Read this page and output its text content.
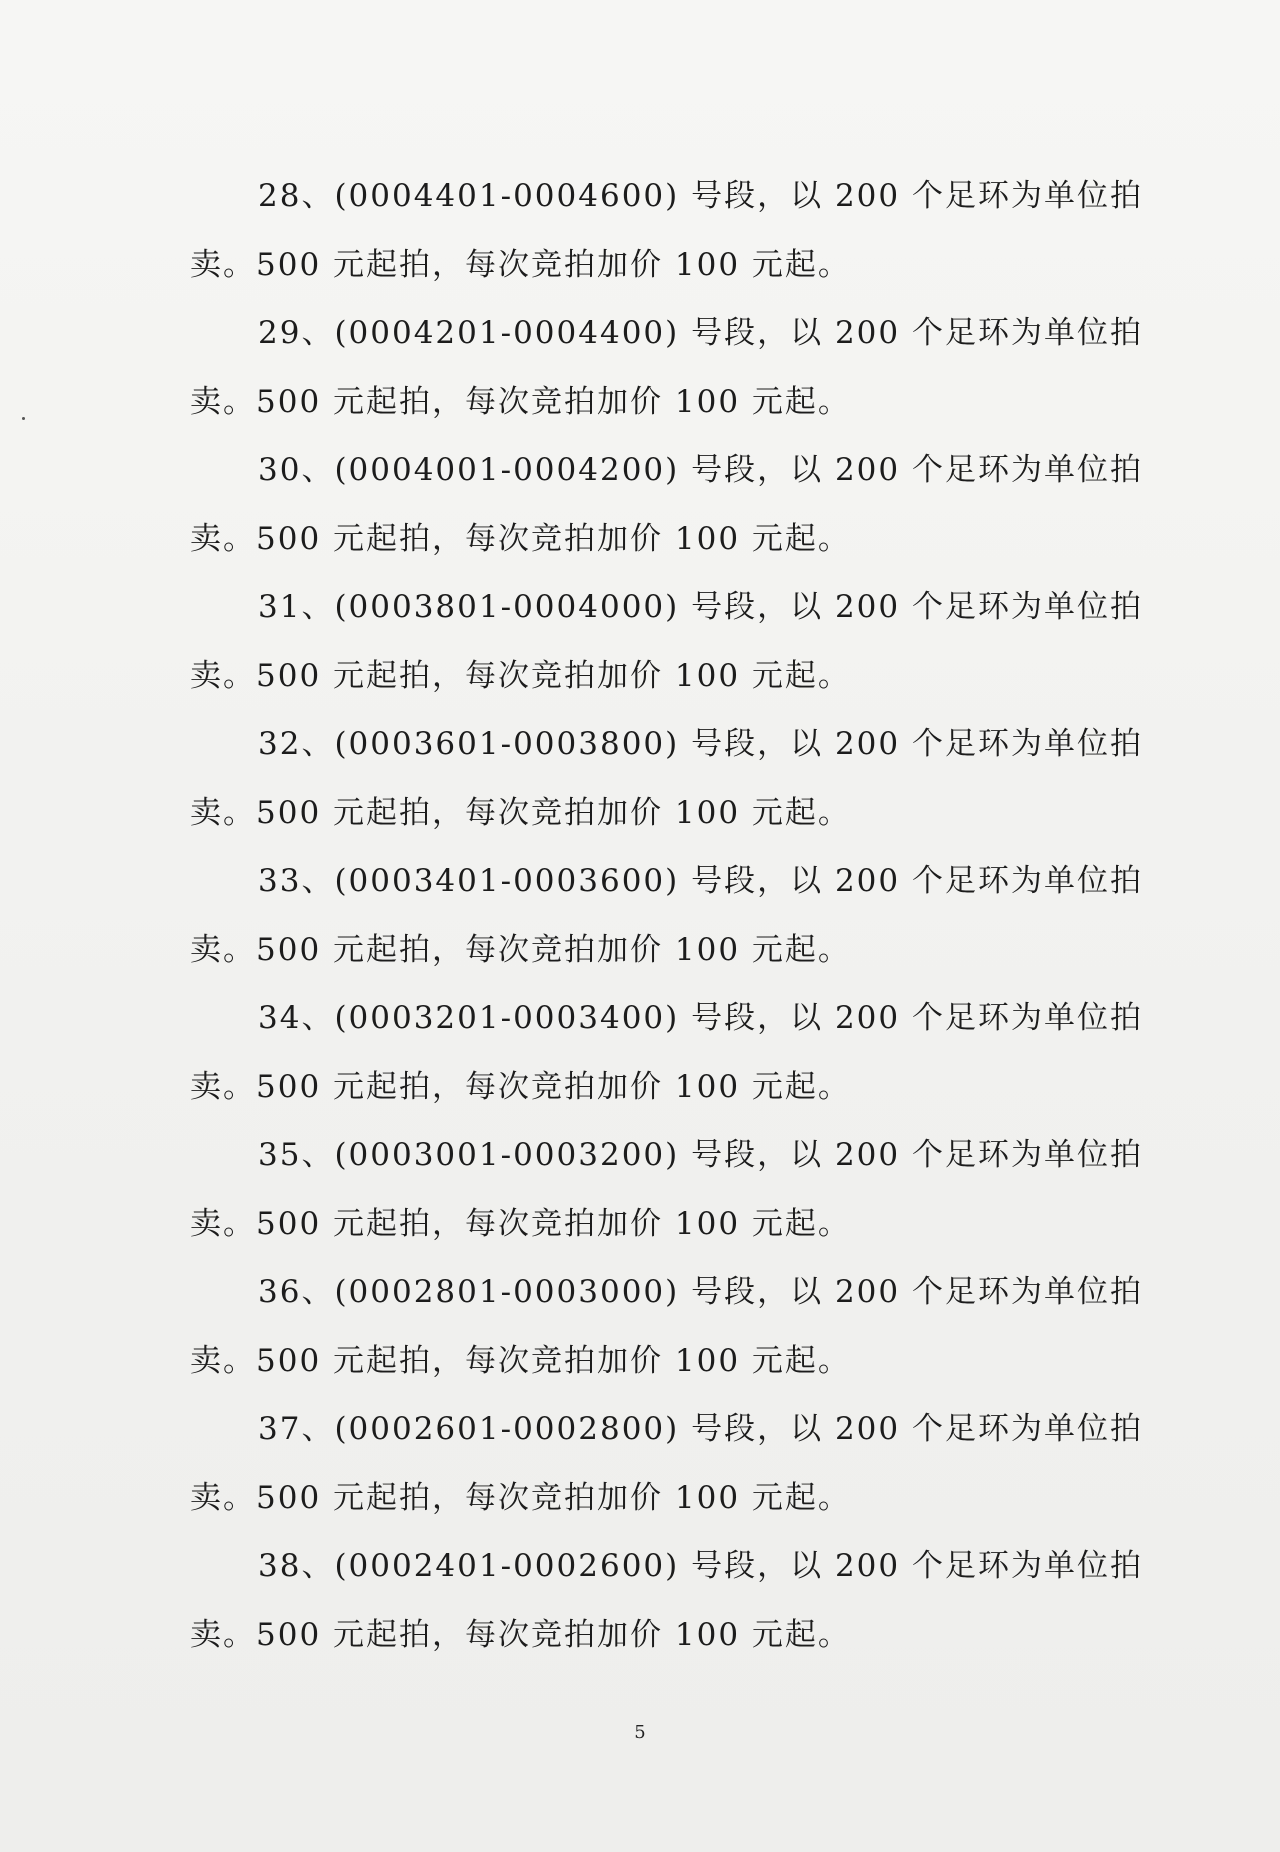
28、(0004401-0004600) 号段，以 200 个足环为单位拍
卖。500 元起拍，每次竞拍加价 100 元起。
29、(0004201-0004400) 号段，以 200 个足环为单位拍
卖。500 元起拍，每次竞拍加价 100 元起。
30、(0004001-0004200) 号段，以 200 个足环为单位拍
卖。500 元起拍，每次竞拍加价 100 元起。
31、(0003801-0004000) 号段，以 200 个足环为单位拍
卖。500 元起拍，每次竞拍加价 100 元起。
32、(0003601-0003800) 号段，以 200 个足环为单位拍
卖。500 元起拍，每次竞拍加价 100 元起。
33、(0003401-0003600) 号段，以 200 个足环为单位拍
卖。500 元起拍，每次竞拍加价 100 元起。
34、(0003201-0003400) 号段，以 200 个足环为单位拍
卖。500 元起拍，每次竞拍加价 100 元起。
35、(0003001-0003200) 号段，以 200 个足环为单位拍
卖。500 元起拍，每次竞拍加价 100 元起。
36、(0002801-0003000) 号段，以 200 个足环为单位拍
卖。500 元起拍，每次竞拍加价 100 元起。
37、(0002601-0002800) 号段，以 200 个足环为单位拍
卖。500 元起拍，每次竞拍加价 100 元起。
38、(0002401-0002600) 号段，以 200 个足环为单位拍
卖。500 元起拍，每次竞拍加价 100 元起。
5
